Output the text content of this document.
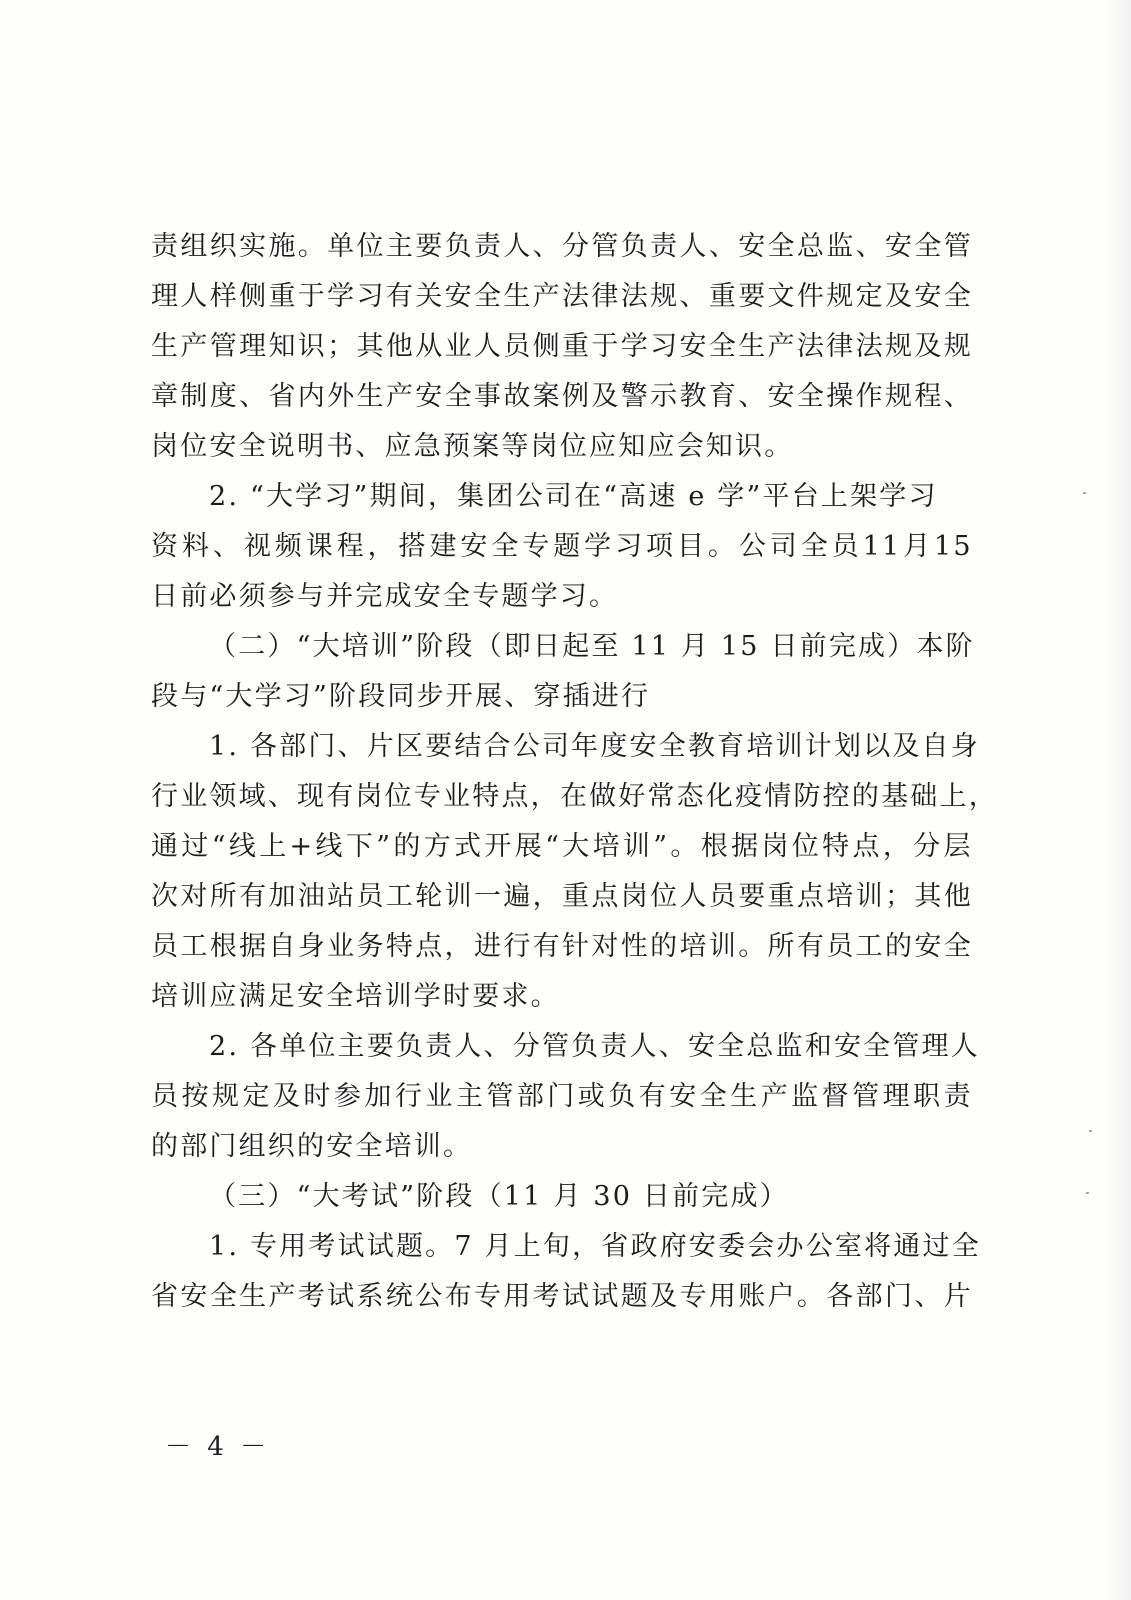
责 组 织 实 施 。 单 位 主 要 负 责 人 、 分 管 负 责 人 、 安 全 总 监 、 安 全 管
理 人 样 侧 重 于 学 习 有 关 安 全 生 产 法 律 法 规 、 重 要 文 件 规 定 及 安 全
生 产 管 理 知 识 ； 其 他 从 业 人 员 侧 重 于 学 习 安 全 生 产 法 律 法 规 及 规
章 制 度 、 省 内 外 生 产 安 全 事 故 案 例 及 警 示 教 育 、 安 全 操 作 规 程 、
岗位安全说明书、应急预案等岗位应知应会知识。
2. “大学习”期间，集团公司在“高速 e 学”平台上架学习
资 料 、 视 频 课 程 ， 搭 建 安 全 专 题 学 习 项 目 。 公 司 全 员 11 月 15
日前必须参与并完成安全专题学习。
（二）“大培训”阶段（即日起至 11 月 15 日前完成）本阶
段与“大学习”阶段同步开展、穿插进行
1. 各部门、片区要结合公司年度安全教育培训计划以及自身
行 业 领 域 、 现 有 岗 位 专 业 特 点 ， 在 做 好 常 态 化 疫 情 防 控 的 基 础 上 ，
通 过 “ 线 上 + 线 下 ” 的 方 式 开 展 “ 大 培 训 ” 。 根 据 岗 位 特 点 ， 分 层
次 对 所 有 加 油 站 员 工 轮 训 一 遍 ， 重 点 岗 位 人 员 要 重 点 培 训 ； 其 他
员 工 根 据 自 身 业 务 特 点 ， 进 行 有 针 对 性 的 培 训 。 所 有 员 工 的 安 全
培训应满足安全培训学时要求。
2. 各单位主要负责人、分管负责人、安全总监和安全管理人
员 按 规 定 及 时 参 加 行 业 主 管 部 门 或 负 有 安 全 生 产 监 督 管 理 职 责
的部门组织的安全培训。
（三）“大考试”阶段（11 月 30 日前完成）
1. 专用考试试题。7 月上旬，省政府安委会办公室将通过全
省 安 全 生 产 考 试 系 统 公 布 专 用 考 试 试 题 及 专 用 账 户 。 各 部 门 、 片
－ 4 －
